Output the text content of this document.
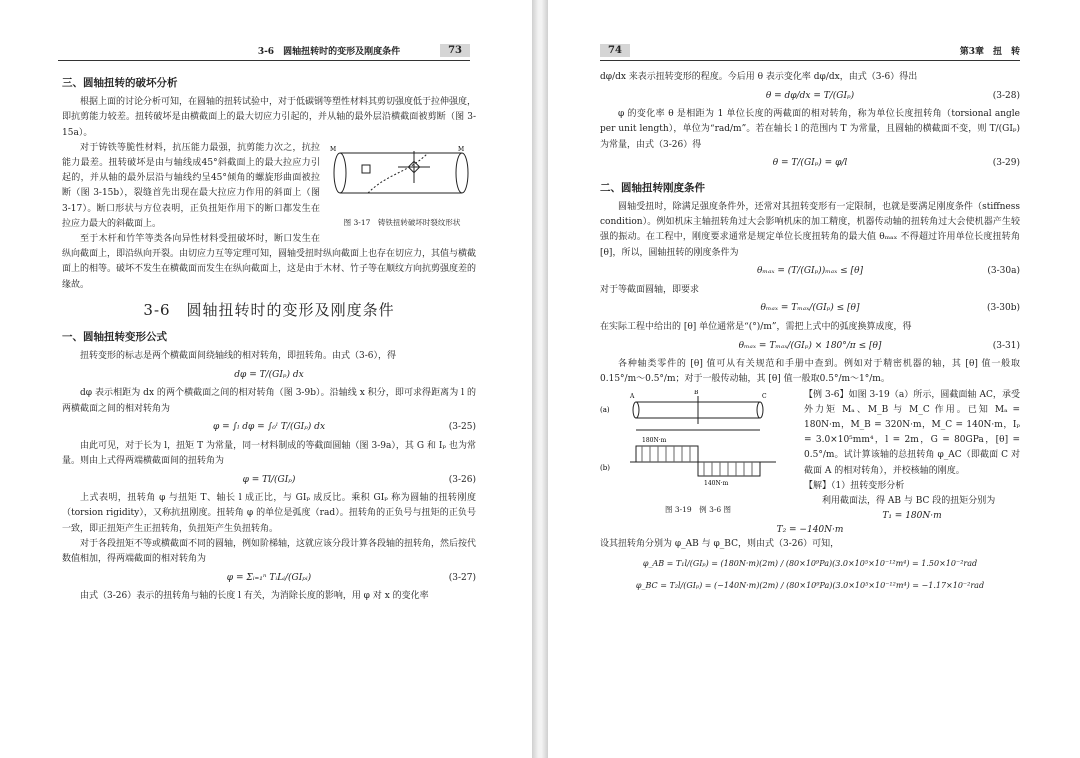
3-6　圆轴扭转时的变形及刚度条件	73
三、圆轴扭转的破坏分析

根据上面的讨论分析可知，在圆轴的扭转试验中，对于低碳钢等塑性材料其剪切强度低于拉伸强度，即抗剪能力较差。扭转破坏是由横截面上的最大切应力引起的，并从轴的最外层沿横截面被剪断（图 3-15a）。

M	M
图 3-17　铸铁扭转破坏时裂纹形状

对于铸铁等脆性材料，抗压能力最强，抗剪能力次之，抗拉能力最差。扭转破坏是由与轴线成45°斜截面上的最大拉应力引起的，并从轴的最外层沿与轴线约呈45°倾角的螺旋形曲面被拉断（图 3-15b），裂缝首先出现在最大拉应力作用的斜面上（图 3-17）。断口形状与方位表明，正负扭矩作用下的断口都发生在拉应力最大的斜截面上。

至于木杆和竹竿等类各向异性材料受扭破坏时，断口发生在纵向截面上，即沿纵向开裂。由切应力互等定理可知，圆轴受扭时纵向截面上也存在切应力，其值与横截面上的相等。破坏不发生在横截面而发生在纵向截面上，这是由于木材、竹子等在顺纹方向抗剪强度差的缘故。

3-6　圆轴扭转时的变形及刚度条件
一、圆轴扭转变形公式

扭转变形的标志是两个横截面间绕轴线的相对转角，即扭转角。由式（3-6），得

dφ = T/(GIₚ) dx

dφ 表示相距为 dx 的两个横截面之间的相对转角（图 3-9b）。沿轴线 x 积分，即可求得距离为 l 的两横截面之间的相对转角为

φ = ∫ₗ dφ = ∫₀ˡ T/(GIₚ) dx	(3-25)

由此可见，对于长为 l，扭矩 T 为常量，同一材料制成的等截面圆轴（图 3-9a），其 G 和 Iₚ 也为常量。则由上式得两端横截面间的扭转角为

φ = Tl/(GIₚ)	(3-26)

上式表明，扭转角 φ 与扭矩 T、轴长 l 成正比，与 GIₚ 成反比。乘积 GIₚ 称为圆轴的扭转刚度（torsion rigidity），又称抗扭刚度。扭转角 φ 的单位是弧度（rad）。扭转角的正负号与扭矩的正负号一致，即正扭矩产生正扭转角，负扭矩产生负扭转角。

对于各段扭矩不等或横截面不同的圆轴，例如阶梯轴，这就应该分段计算各段轴的扭转角，然后按代数值相加，得两端截面的相对转角为

φ = Σᵢ₌₁ⁿ TᵢLᵢ/(GIₚᵢ)	(3-27)

由式（3-26）表示的扭转角与轴的长度 l 有关，为消除长度的影响，用 φ 对 x 的变化率

74	第3章　扭　转

dφ/dx 来表示扭转变形的程度。今后用 θ 表示变化率 dφ/dx，由式（3-6）得出

θ = dφ/dx = T/(GIₚ)	(3-28)

φ 的变化率 θ 是相距为 1 单位长度的两截面的相对转角，称为单位长度扭转角（torsional angle per unit length），单位为“rad/m”。若在轴长 l 的范围内 T 为常量，且圆轴的横截面不变，则 T/(GIₚ) 为常量，由式（3-26）得

θ = T/(GIₚ) = φ/l	(3-29)
二、圆轴扭转刚度条件

圆轴受扭时，除满足强度条件外，还常对其扭转变形有一定限制，也就是要满足刚度条件（stiffness condition）。例如机床主轴扭转角过大会影响机床的加工精度，机器传动轴的扭转角过大会使机器产生较强的振动。在工程中，刚度要求通常是规定单位长度扭转角的最大值 θₘₐₓ 不得超过许用单位长度扭转角 [θ]，所以，圆轴扭转的刚度条件为

θₘₐₓ = (T/(GIₚ))ₘₐₓ ≤ [θ]	(3-30a)

对于等截面圆轴，即要求

θₘₐₓ = Tₘₐₓ/(GIₚ) ≤ [θ]	(3-30b)

在实际工程中给出的 [θ] 单位通常是“(°)/m”，需把上式中的弧度换算成度，得

θₘₐₓ = Tₘₐₓ/(GIₚ) × 180°/π ≤ [θ]	(3-31)

各种轴类零件的 [θ] 值可从有关规范和手册中查到。例如对于精密机器的轴，其 [θ] 值一般取 0.15°/m～0.5°/m；对于一般传动轴，其 [θ] 值一般取0.5°/m～1°/m。

(a)
A
B
C
(b)
180N·m
140N·m
图 3-19　例 3-6 图

【例 3-6】如图 3-19（a）所示，圆截面轴 AC，承受外力矩 Mₐ、M_B 与 M_C 作用。已知 Mₐ = 180N·m，M_B = 320N·m，M_C = 140N·m，Iₚ = 3.0×10⁵mm⁴，l = 2m，G = 80GPa，[θ] = 0.5°/m。试计算该轴的总扭转角 φ_AC（即截面 C 对截面 A 的相对转角），并校核轴的刚度。

【解】（1）扭转变形分析

利用截面法，得 AB 与 BC 段的扭矩分别为

T₁ = 180N·m
T₂ = −140N·m

设其扭转角分别为 φ_AB 与 φ_BC，则由式（3-26）可知，

φ_AB = T₁l/(GIₚ) = (180N·m)(2m) / (80×10⁹Pa)(3.0×10⁵×10⁻¹²m⁴) = 1.50×10⁻²rad
φ_BC = T₂l/(GIₚ) = (−140N·m)(2m) / (80×10⁹Pa)(3.0×10⁵×10⁻¹²m⁴) = −1.17×10⁻²rad
